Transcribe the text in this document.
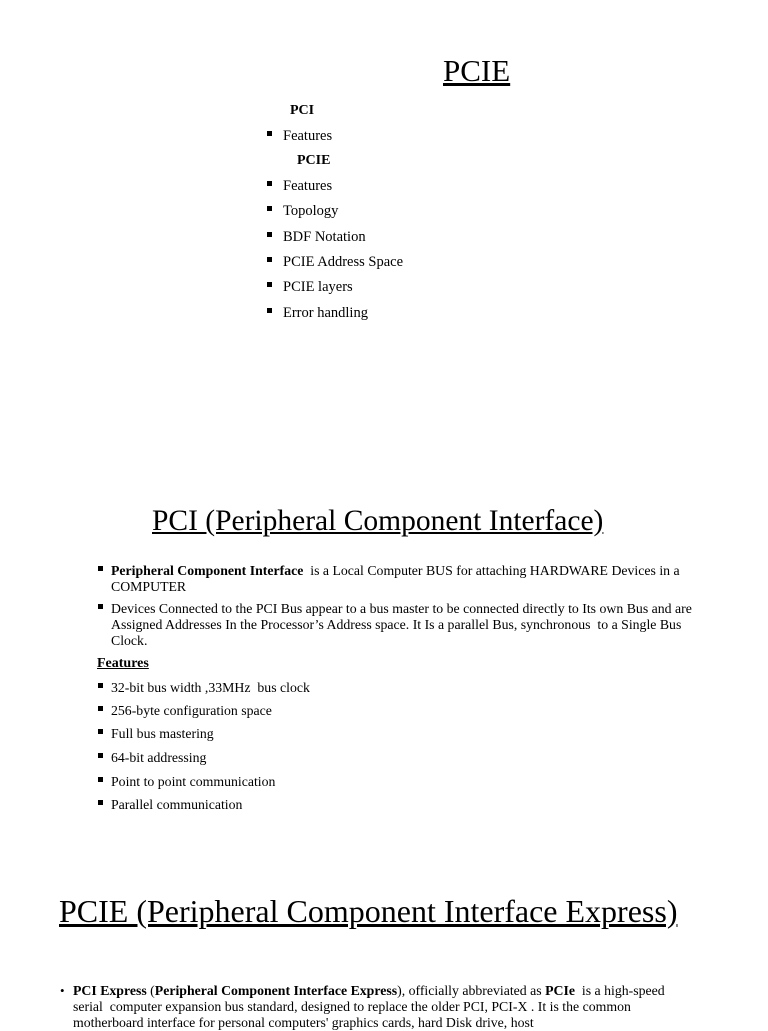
PCIE
PCI
Features
PCIE
Features
Topology
BDF Notation
PCIE Address Space
PCIE layers
Error handling
PCI (Peripheral Component Interface)
Peripheral Component Interface  is a Local Computer BUS for attaching HARDWARE Devices in a COMPUTER
Devices Connected to the PCI Bus appear to a bus master to be connected directly to Its own Bus and are Assigned Addresses In the Processor’s Address space. It Is a parallel Bus, synchronous  to a Single Bus Clock.
Features
32-bit bus width ,33MHz  bus clock
256-byte configuration space
Full bus mastering
64-bit addressing
Point to point communication
Parallel communication
PCIE (Peripheral Component Interface Express)
• PCI Express (Peripheral Component Interface Express), officially abbreviated as PCIe  is a high-speed serial  computer expansion bus standard, designed to replace the older PCI, PCI-X . It is the common motherboard interface for personal computers' graphics cards, hard Disk drive, host
